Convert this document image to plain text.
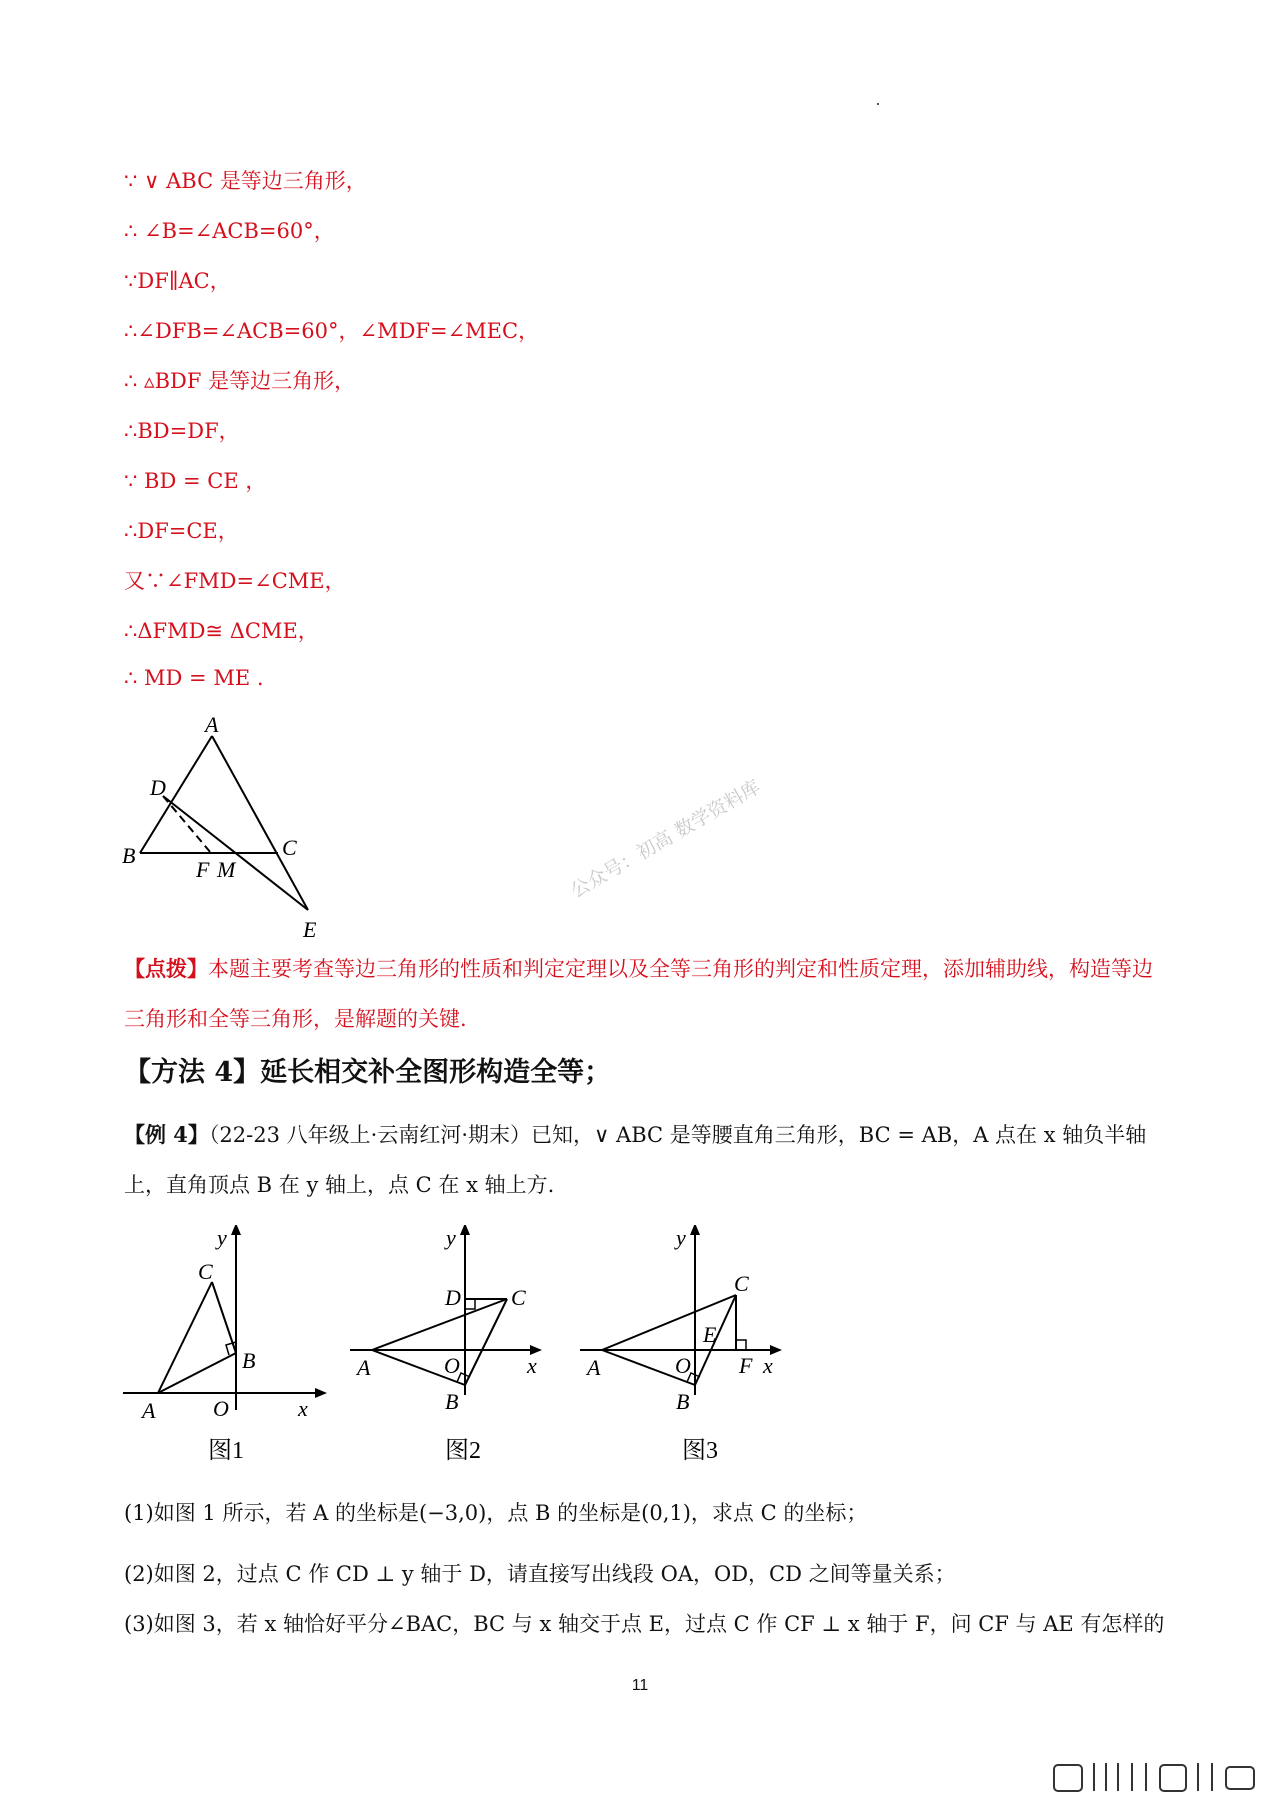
∵ ∨ ABC 是等边三角形，
∴ ∠B=∠ACB=60°，
∵DF∥AC，
∴∠DFB=∠ACB=60°，∠MDF=∠MEC，
∴ ▵BDF 是等边三角形，
∴BD=DF，
∵ BD = CE ，
∴DF=CE，
又∵∠FMD=∠CME，
∴ΔFMD≅ ΔCME，
∴ MD = ME .
A
B	C
D
E
F M	公众号：初高 数学资料库
【点拨】本题主要考查等边三角形的性质和判定定理以及全等三角形的判定和性质定理，添加辅助线，构造等边三角形和全等三角形，是解题的关键.
【方法 4】延长相交补全图形构造全等；
【例 4】（22-23 八年级上·云南红河·期末）已知，∨ ABC 是等腰直角三角形，BC = AB，A 点在 x 轴负半轴上，直角顶点 B 在 y 轴上，点 C 在 x 轴上方.
y
C
B
A	O	x
图1
y
D C
A	O	x
B
图2
y
C
E
A	O F x
B
图3
(1)如图 1 所示，若 A 的坐标是(−3,0)，点 B 的坐标是(0,1)，求点 C 的坐标；
(2)如图 2，过点 C 作 CD ⊥ y 轴于 D，请直接写出线段 OA，OD，CD 之间等量关系；
(3)如图 3，若 x 轴恰好平分∠BAC，BC 与 x 轴交于点 E，过点 C 作 CF ⊥ x 轴于 F，问 CF 与 AE 有怎样的
11
